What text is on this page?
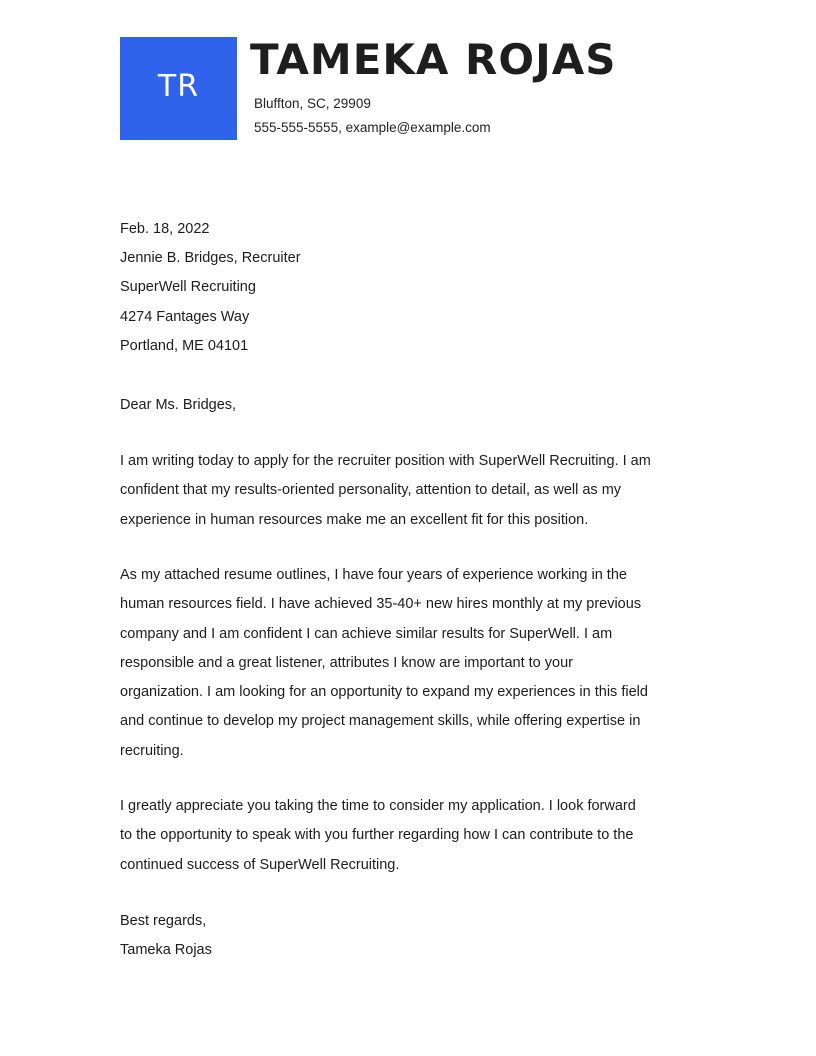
TR
TAMEKA ROJAS
Bluffton, SC, 29909
555-555-5555, example@example.com
Feb. 18, 2022
Jennie B. Bridges, Recruiter
SuperWell Recruiting
4274 Fantages Way
Portland, ME 04101
Dear Ms. Bridges,
I am writing today to apply for the recruiter position with SuperWell Recruiting. I am
confident that my results-oriented personality, attention to detail, as well as my
experience in human resources make me an excellent fit for this position.
As my attached resume outlines, I have four years of experience working in the
human resources field. I have achieved 35-40+ new hires monthly at my previous
company and I am confident I can achieve similar results for SuperWell. I am
responsible and a great listener, attributes I know are important to your
organization. I am looking for an opportunity to expand my experiences in this field
and continue to develop my project management skills, while offering expertise in
recruiting.
I greatly appreciate you taking the time to consider my application. I look forward
to the opportunity to speak with you further regarding how I can contribute to the
continued success of SuperWell Recruiting.
Best regards,
Tameka Rojas
